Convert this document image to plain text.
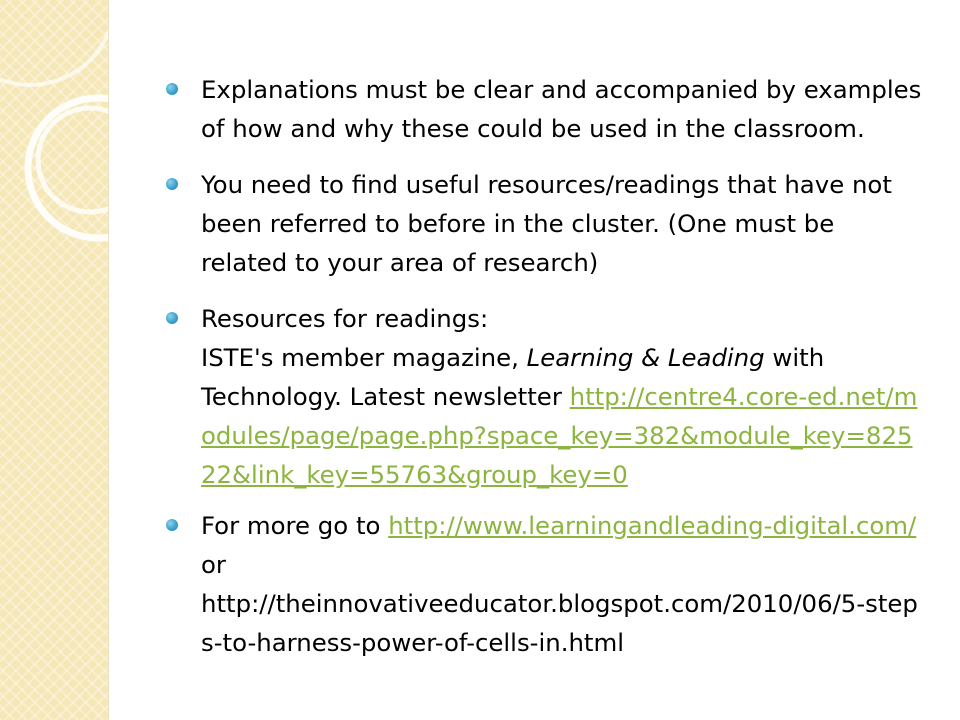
Explanations must be clear and accompanied by examples of how and why these could be used in the classroom.
You need to find useful resources/readings that have not been referred to before in the cluster. (One must be related to your area of research)
Resources for readings:
ISTE's member magazine, Learning & Leading with Technology. Latest newsletter http://centre4.core-ed.net/modules/page/page.php?space_key=382&module_key=82522&link_key=55763&group_key=0
For more go to http://www.learningandleading-digital.com/ or
http://theinnovativeeducator.blogspot.com/2010/06/5-steps-to-harness-power-of-cells-in.html
